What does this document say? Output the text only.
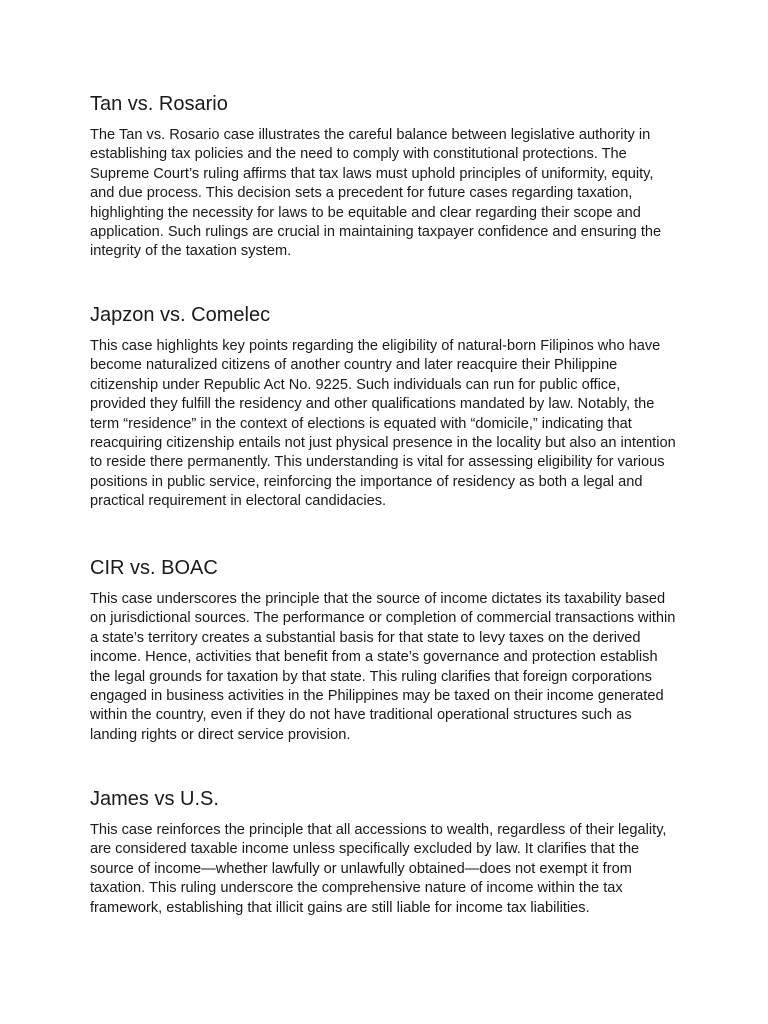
Tan vs. Rosario

The Tan vs. Rosario case illustrates the careful balance between legislative authority in establishing tax policies and the need to comply with constitutional protections. The Supreme Court’s ruling affirms that tax laws must uphold principles of uniformity, equity, and due process. This decision sets a precedent for future cases regarding taxation, highlighting the necessity for laws to be equitable and clear regarding their scope and application. Such rulings are crucial in maintaining taxpayer confidence and ensuring the integrity of the taxation system.

Japzon vs. Comelec

This case highlights key points regarding the eligibility of natural-born Filipinos who have become naturalized citizens of another country and later reacquire their Philippine citizenship under Republic Act No. 9225. Such individuals can run for public office, provided they fulfill the residency and other qualifications mandated by law. Notably, the term “residence” in the context of elections is equated with “domicile,” indicating that reacquiring citizenship entails not just physical presence in the locality but also an intention to reside there permanently. This understanding is vital for assessing eligibility for various positions in public service, reinforcing the importance of residency as both a legal and practical requirement in electoral candidacies.

CIR vs. BOAC

This case underscores the principle that the source of income dictates its taxability based on jurisdictional sources. The performance or completion of commercial transactions within a state’s territory creates a substantial basis for that state to levy taxes on the derived income. Hence, activities that benefit from a state’s governance and protection establish the legal grounds for taxation by that state. This ruling clarifies that foreign corporations engaged in business activities in the Philippines may be taxed on their income generated within the country, even if they do not have traditional operational structures such as landing rights or direct service provision.

James vs U.S.

This case reinforces the principle that all accessions to wealth, regardless of their legality, are considered taxable income unless specifically excluded by law. It clarifies that the source of income—whether lawfully or unlawfully obtained—does not exempt it from taxation. This ruling underscore the comprehensive nature of income within the tax framework, establishing that illicit gains are still liable for income tax liabilities.
